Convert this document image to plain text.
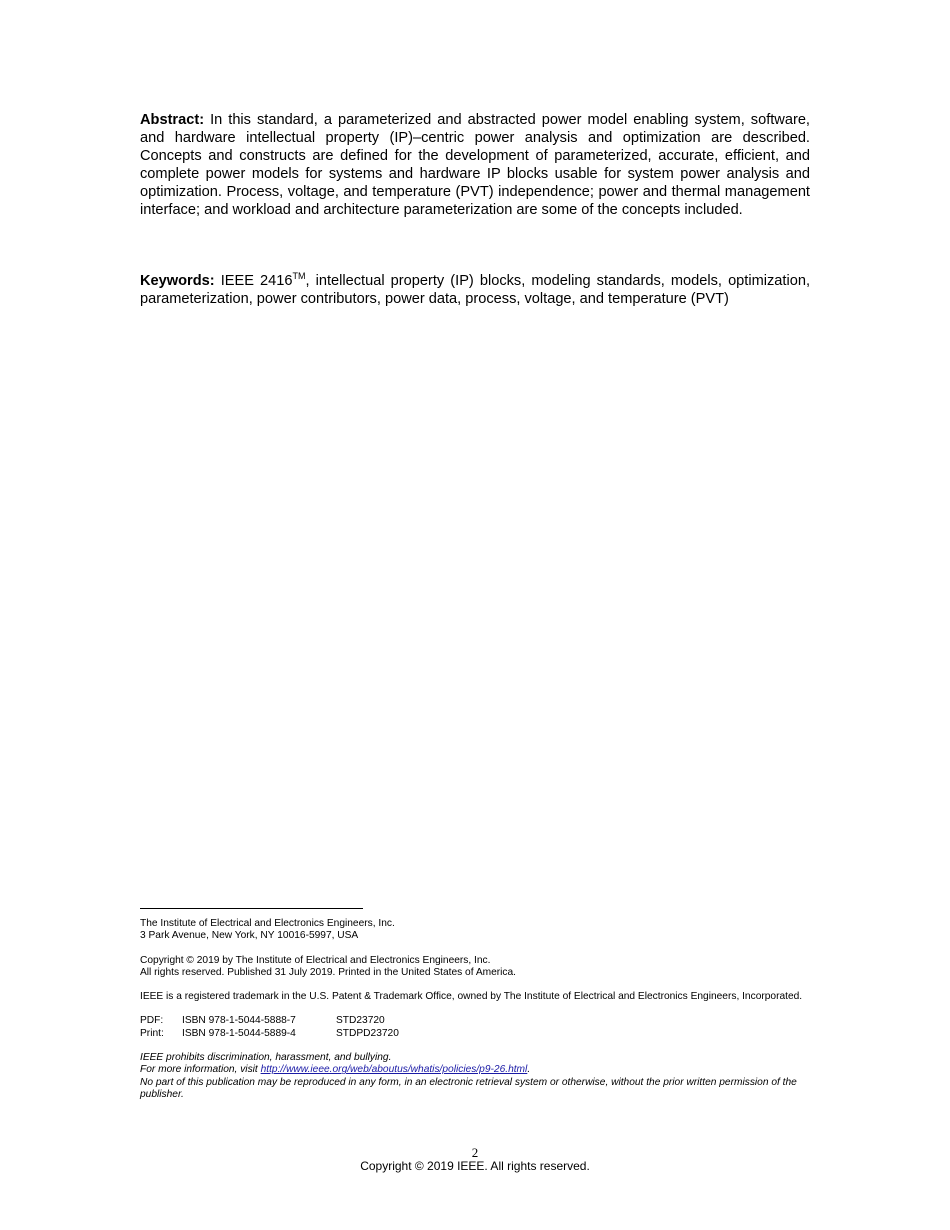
Abstract: In this standard, a parameterized and abstracted power model enabling system, software, and hardware intellectual property (IP)–centric power analysis and optimization are described. Concepts and constructs are defined for the development of parameterized, accurate, efficient, and complete power models for systems and hardware IP blocks usable for system power analysis and optimization. Process, voltage, and temperature (PVT) independence; power and thermal management interface; and workload and architecture parameterization are some of the concepts included.
Keywords: IEEE 2416™, intellectual property (IP) blocks, modeling standards, models, optimization, parameterization, power contributors, power data, process, voltage, and temperature (PVT)

The Institute of Electrical and Electronics Engineers, Inc.

3 Park Avenue, New York, NY 10016-5997, USA

Copyright © 2019 by The Institute of Electrical and Electronics Engineers, Inc.

All rights reserved. Published 31 July 2019. Printed in the United States of America.

IEEE is a registered trademark in the U.S. Patent & Trademark Office, owned by The Institute of Electrical and Electronics Engineers, Incorporated.

PDF:	ISBN 978-1-5044-5888-7	STD23720
Print:	ISBN 978-1-5044-5889-4	STDPD23720

IEEE prohibits discrimination, harassment, and bullying.

For more information, visit http://www.ieee.org/web/aboutus/whatis/policies/p9-26.html.

No part of this publication may be reproduced in any form, in an electronic retrieval system or otherwise, without the prior written permission of the publisher.

2
Copyright © 2019 IEEE. All rights reserved.
